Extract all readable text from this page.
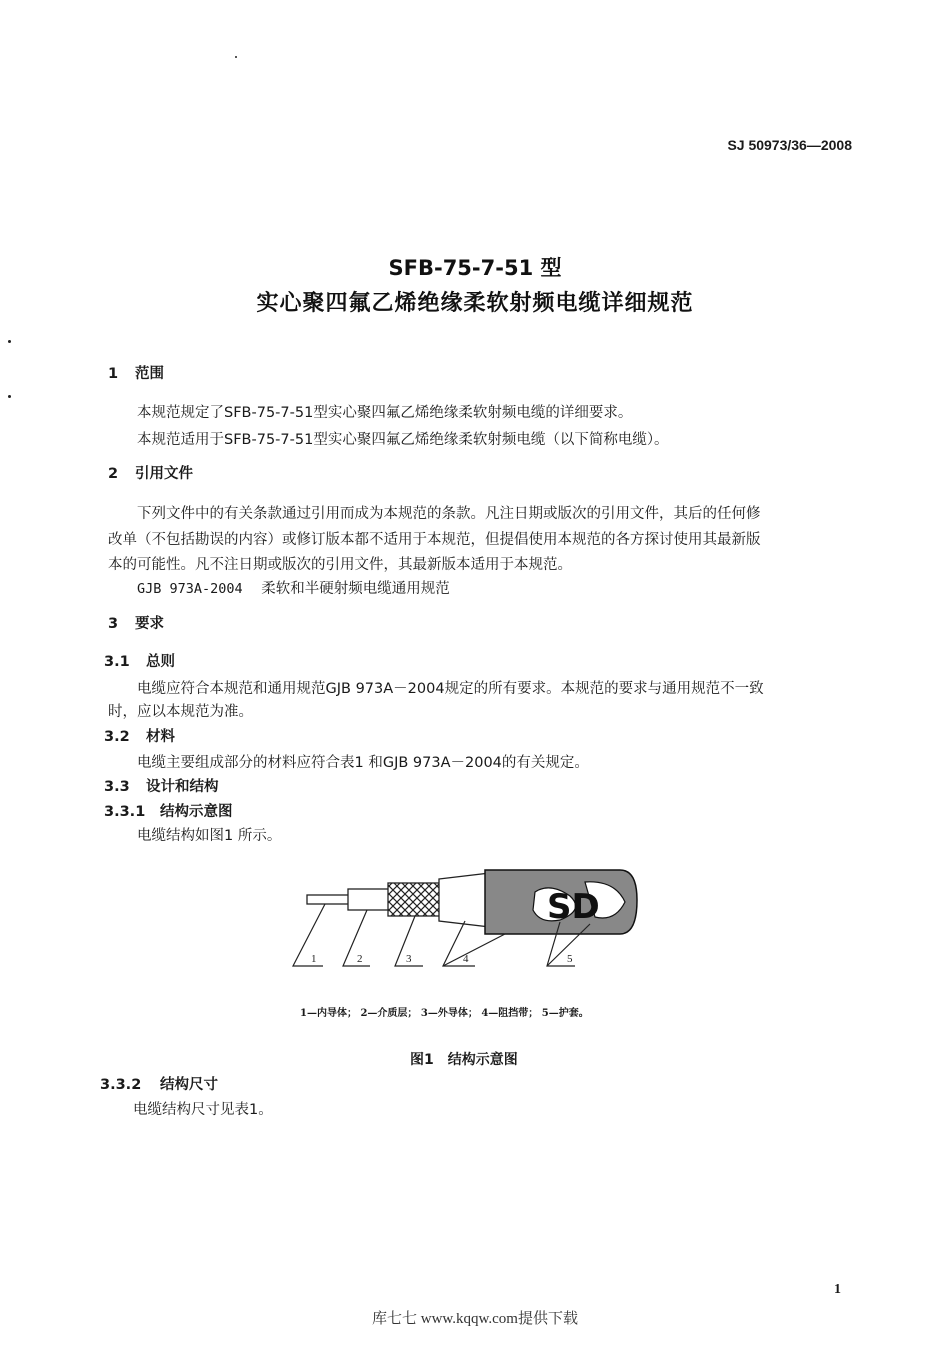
SJ 50973/36—2008
SFB-75-7-51 型
实心聚四氟乙烯绝缘柔软射频电缆详细规范
1 范围
本规范规定了SFB-75-7-51型实心聚四氟乙烯绝缘柔软射频电缆的详细要求。
本规范适用于SFB-75-7-51型实心聚四氟乙烯绝缘柔软射频电缆（以下简称电缆）。
2 引用文件
下列文件中的有关条款通过引用而成为本规范的条款。凡注日期或版次的引用文件，其后的任何修
改单（不包括勘误的内容）或修订版本都不适用于本规范，但提倡使用本规范的各方探讨使用其最新版
本的可能性。凡不注日期或版次的引用文件，其最新版本适用于本规范。
GJB 973A-2004 柔软和半硬射频电缆通用规范
3 要求
3.1 总则
电缆应符合本规范和通用规范GJB 973A－2004规定的所有要求。本规范的要求与通用规范不一致
时，应以本规范为准。
3.2 材料
电缆主要组成部分的材料应符合表1 和GJB 973A－2004的有关规定。
3.3 设计和结构
3.3.1 结构示意图
电缆结构如图1 所示。
SD
1	2	3	4	5
1—内导体； 2—介质层； 3—外导体； 4—阻挡带； 5—护套。
图1　结构示意图
3.3.2 结构尺寸
电缆结构尺寸见表1。
1
库七七 www.kqqw.com提供下载
